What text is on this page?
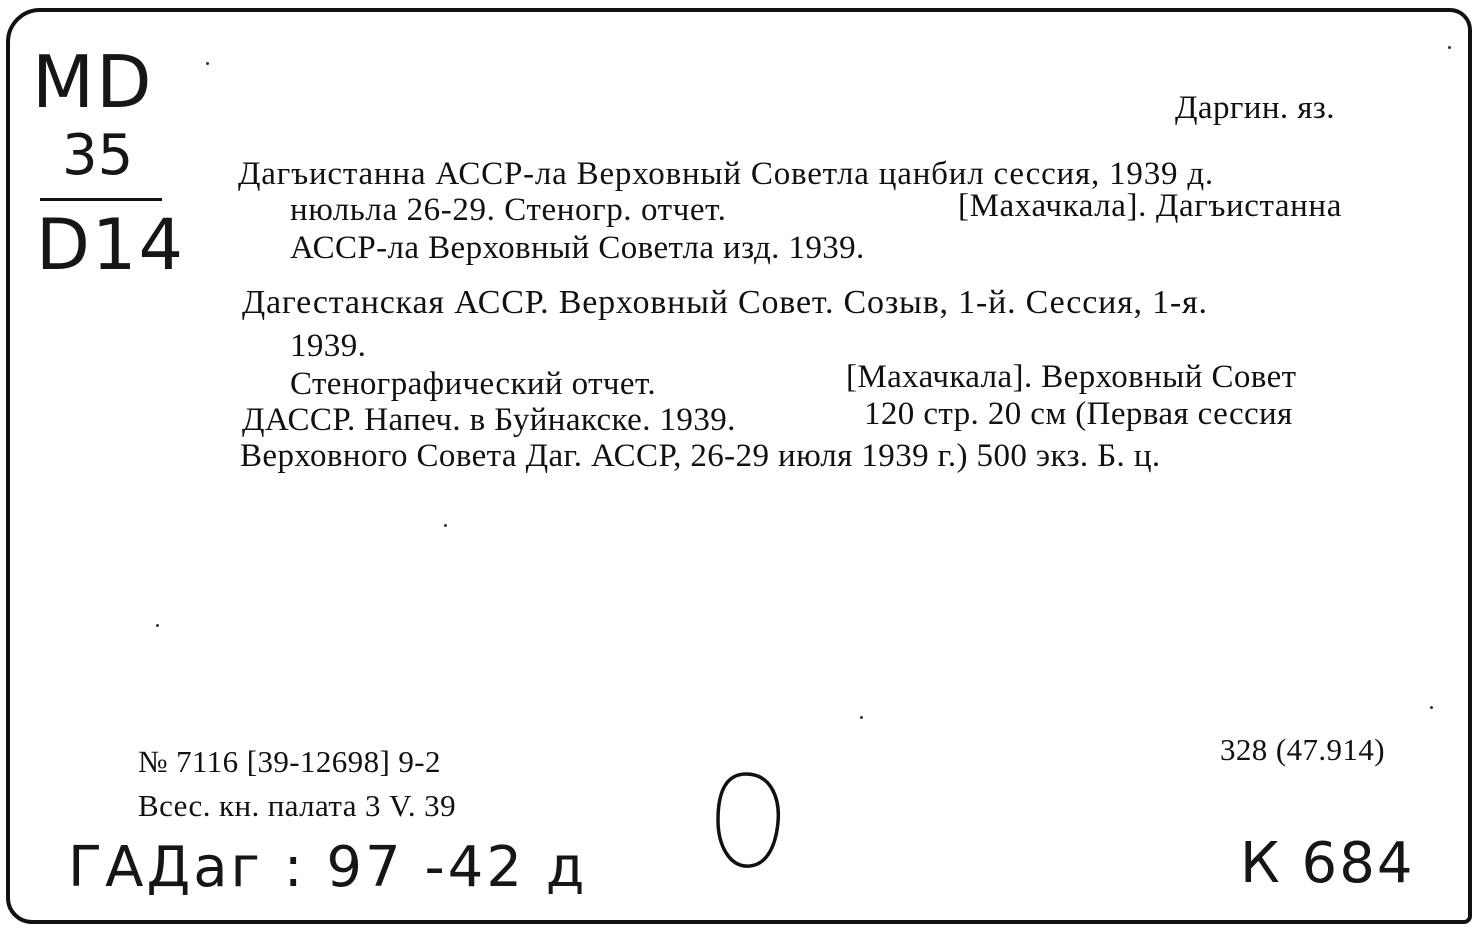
MD
35
D14
Даргин. яз.
Дагъистанна АССР-ла Верховный Советла цанбил сессия, 1939 д.
нюльла 26-29. Стеногр. отчет.	[Махачкала]. Дагъистанна
АССР-ла Верховный Советла изд. 1939.
Дагестанская АССР. Верховный Совет. Созыв, 1-й. Сессия, 1-я.
1939.
Стенографический отчет.	[Махачкала]. Верховный Совет
ДАССР. Напеч. в Буйнакске. 1939.	120 стр. 20 см (Первая сессия
Верховного Совета Даг. АССР, 26-29 июля 1939 г.) 500 экз. Б. ц.
№ 7116 [39-12698] 9-2
Всес. кн. палата 3 V. 39
328 (47.914)
ГАДаг : 97 -42 д	К 684
